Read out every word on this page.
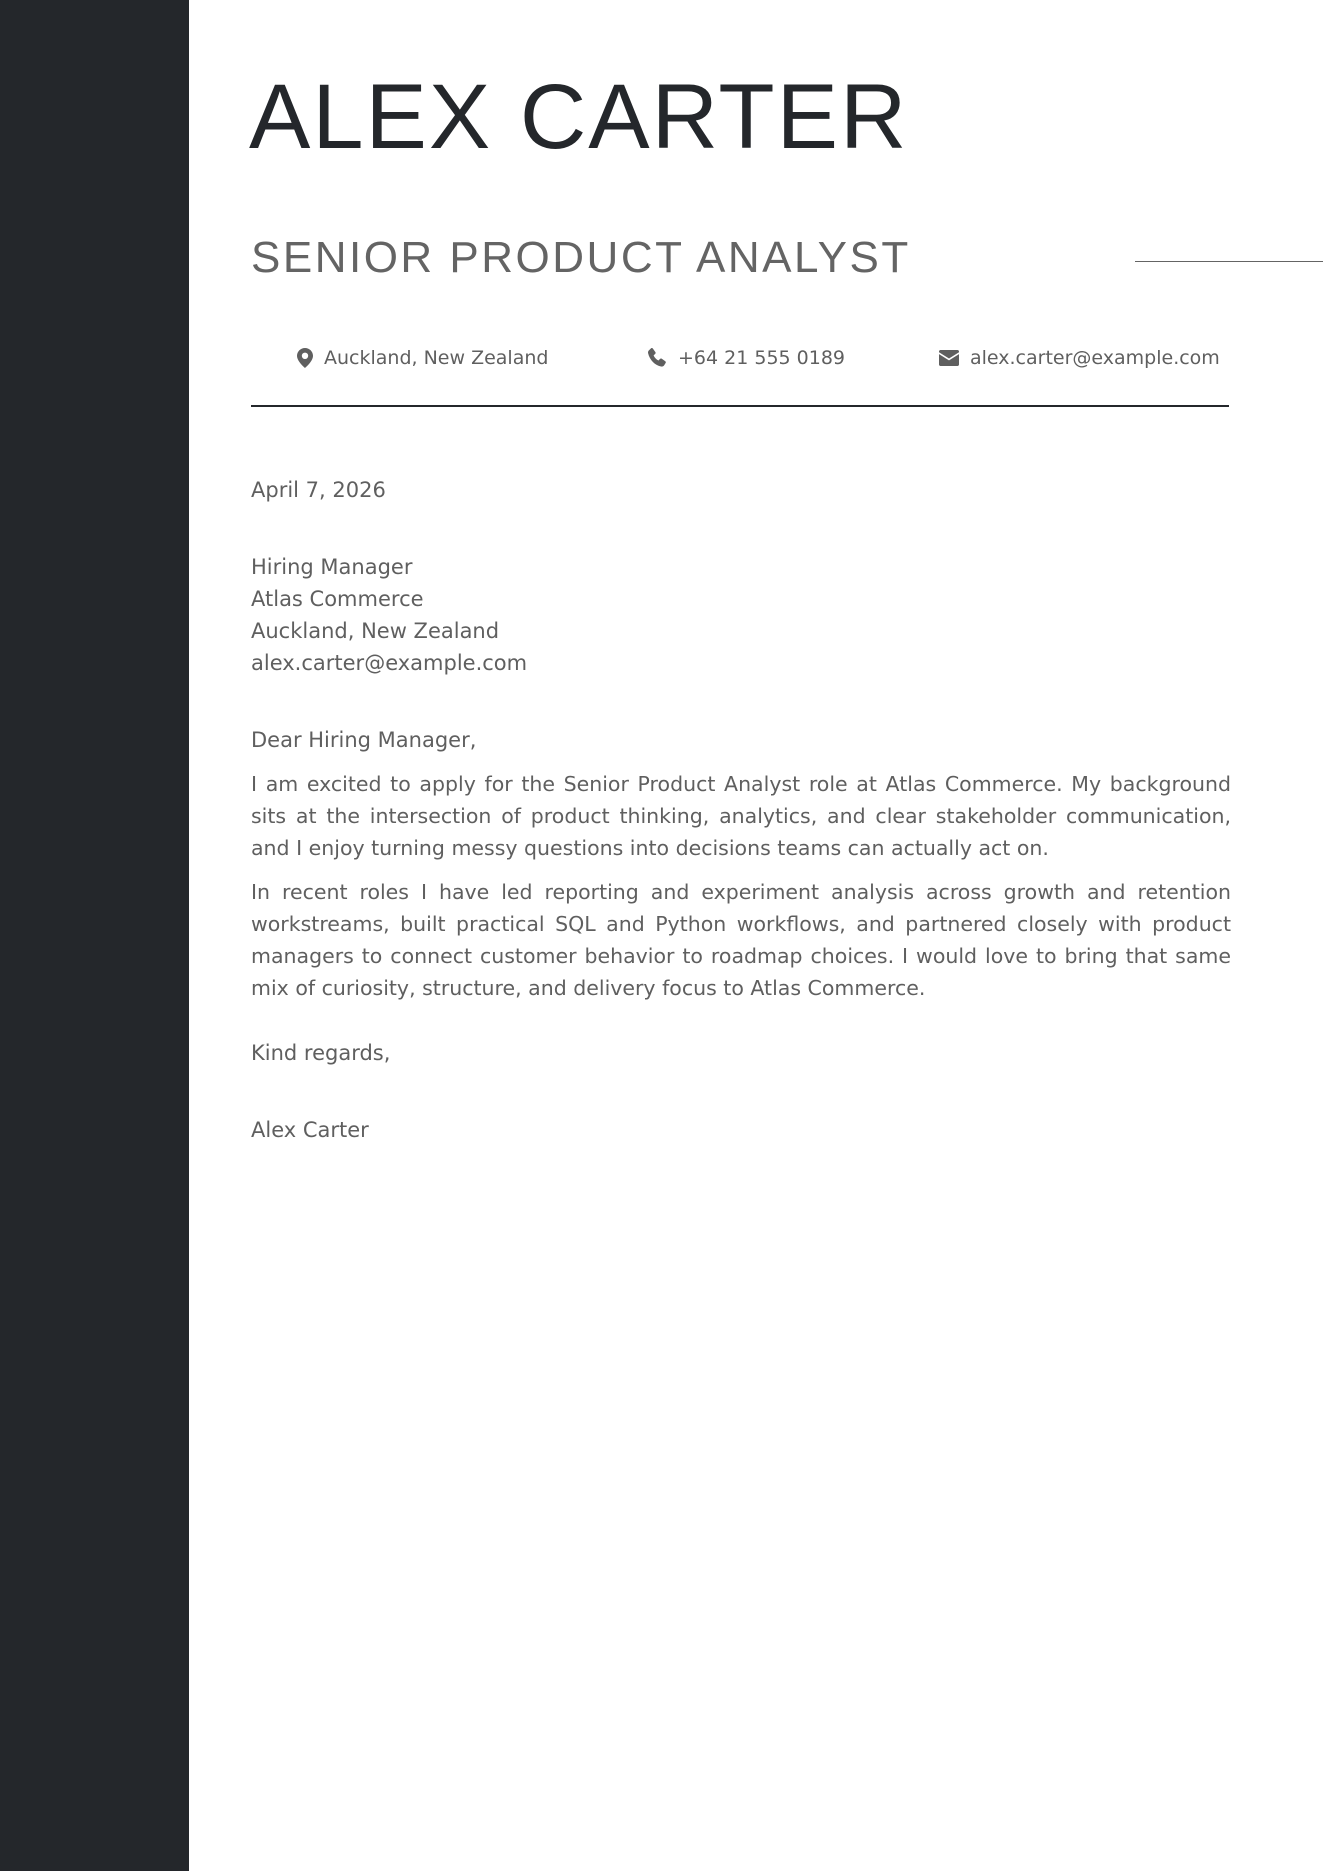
ALEX CARTER
SENIOR PRODUCT ANALYST
Auckland, New Zealand	+64 21 555 0189	alex.carter@example.com

April 7, 2026

Hiring Manager
Atlas Commerce
Auckland, New Zealand
alex.carter@example.com

Dear Hiring Manager,

I am excited to apply for the Senior Product Analyst role at Atlas Commerce. My background sits at the intersection of product thinking, analytics, and clear stakeholder communication, and I enjoy turning messy questions into decisions teams can actually act on.

In recent roles I have led reporting and experiment analysis across growth and retention workstreams, built practical SQL and Python workflows, and partnered closely with product managers to connect customer behavior to roadmap choices. I would love to bring that same mix of curiosity, structure, and delivery focus to Atlas Commerce.

Kind regards,

Alex Carter
